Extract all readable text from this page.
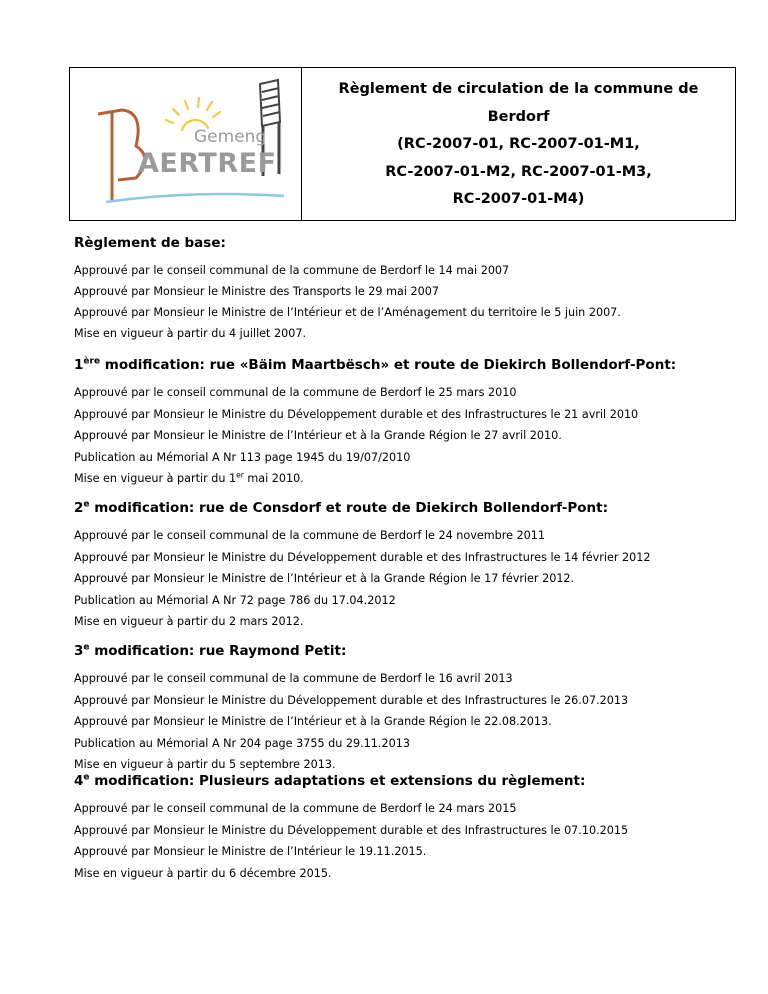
Gemeng
AERTREF
Règlement de circulation de la commune de
Berdorf
(RC-2007-01, RC-2007-01-M1,
RC-2007-01-M2, RC-2007-01-M3,
RC-2007-01-M4)
Règlement de base:
Approuvé par le conseil communal de la commune de Berdorf le 14 mai 2007
Approuvé par Monsieur le Ministre des Transports le 29 mai 2007
Approuvé par Monsieur le Ministre de l’Intérieur et de l’Aménagement du territoire le 5 juin 2007.
Mise en vigueur à partir du 4 juillet 2007.
1ère modification: rue «Bäim Maartbësch» et route de Diekirch Bollendorf-Pont:
Approuvé par le conseil communal de la commune de Berdorf le 25 mars 2010
Approuvé par Monsieur le Ministre du Développement durable et des Infrastructures le 21 avril 2010
Approuvé par Monsieur le Ministre de l’Intérieur et à la Grande Région le 27 avril 2010.
Publication au Mémorial A Nr 113 page 1945 du 19/07/2010
Mise en vigueur à partir du 1er mai 2010.
2e modification: rue de Consdorf et route de Diekirch Bollendorf-Pont:
Approuvé par le conseil communal de la commune de Berdorf le 24 novembre 2011
Approuvé par Monsieur le Ministre du Développement durable et des Infrastructures le 14 février 2012
Approuvé par Monsieur le Ministre de l’Intérieur et à la Grande Région le 17 février 2012.
Publication au Mémorial A Nr 72 page 786 du 17.04.2012
Mise en vigueur à partir du 2 mars 2012.
3e modification: rue Raymond Petit:
Approuvé par le conseil communal de la commune de Berdorf le 16 avril 2013
Approuvé par Monsieur le Ministre du Développement durable et des Infrastructures le 26.07.2013
Approuvé par Monsieur le Ministre de l’Intérieur et à la Grande Région le 22.08.2013.
Publication au Mémorial A Nr 204 page 3755 du 29.11.2013
Mise en vigueur à partir du 5 septembre 2013.
4e modification: Plusieurs adaptations et extensions du règlement:
Approuvé par le conseil communal de la commune de Berdorf le 24 mars 2015
Approuvé par Monsieur le Ministre du Développement durable et des Infrastructures le 07.10.2015
Approuvé par Monsieur le Ministre de l’Intérieur le 19.11.2015.
Mise en vigueur à partir du 6 décembre 2015.
